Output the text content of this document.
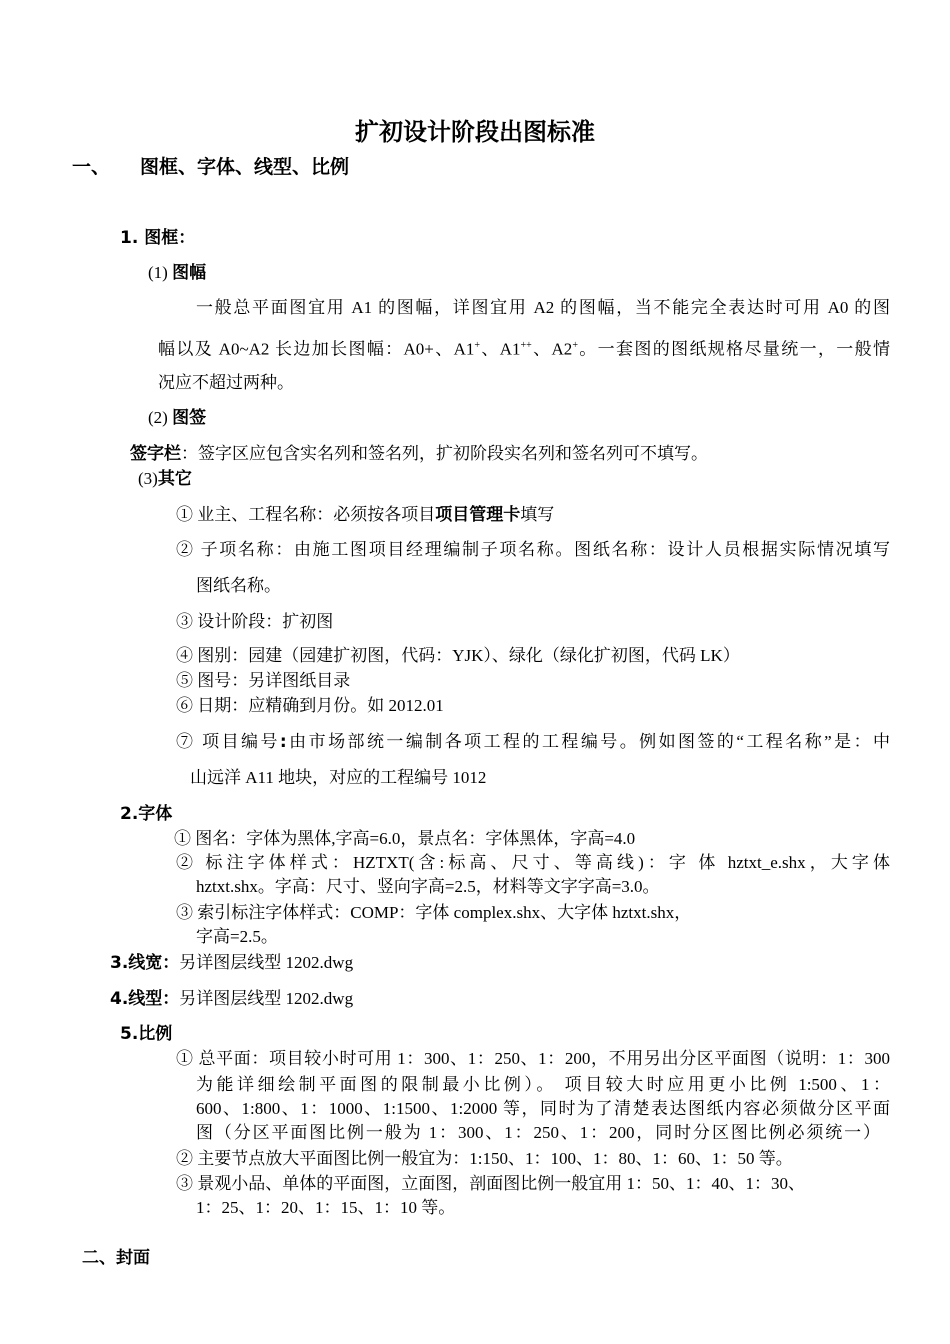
扩初设计阶段出图标准
一、 图框、字体、线型、比例
1. 图框：
(1) 图幅
一般总平面图宜用 A1 的图幅，详图宜用 A2 的图幅，当不能完全表达时可用 A0 的图
幅以及 A0~A2 长边加长图幅：A0+、A1+、A1++、A2+。一套图的图纸规格尽量统一，一般情
况应不超过两种。
(2) 图签
签字栏：签字区应包含实名列和签名列，扩初阶段实名列和签名列可不填写。
(3)其它
① 业主、工程名称：必须按各项目项目管理卡填写
② 子项名称：由施工图项目经理编制子项名称。图纸名称：设计人员根据实际情况填写
图纸名称。
③ 设计阶段：扩初图
④ 图别：园建（园建扩初图，代码：YJK）、绿化（绿化扩初图，代码 LK）
⑤ 图号：另详图纸目录
⑥ 日期：应精确到月份。如 2012.01
⑦ 项目编号:由市场部统一编制各项工程的工程编号。例如图签的“工程名称”是：中
山远洋 A11 地块，对应的工程编号 1012
2.字体
① 图名：字体为黑体,字高=6.0，景点名：字体黑体，字高=4.0
② 标注字体样式：HZTXT(含:标高、尺寸、等高线)：字 体 hztxt_e.shx，大字体
hztxt.shx。字高：尺寸、竖向字高=2.5，材料等文字字高=3.0。
③ 索引标注字体样式：COMP：字体 complex.shx、大字体 hztxt.shx，
字高=2.5。
3.线宽：另详图层线型 1202.dwg
4.线型：另详图层线型 1202.dwg
5.比例
① 总平面：项目较小时可用 1：300、1：250、1：200，不用另出分区平面图（说明：1：300
为能详细绘制平面图的限制最小比例）。 项目较大时应用更小比例 1:500、1：
600、1:800、1：1000、1:1500、1:2000 等，同时为了清楚表达图纸内容必须做分区平面
图（分区平面图比例一般为 1：300、1：250、1：200，同时分区图比例必须统一）
② 主要节点放大平面图比例一般宜为：1:150、1：100、1：80、1：60、1：50 等。
③ 景观小品、单体的平面图，立面图，剖面图比例一般宜用 1：50、1：40、1：30、
1：25、1：20、1：15、1：10 等。
二、封面
